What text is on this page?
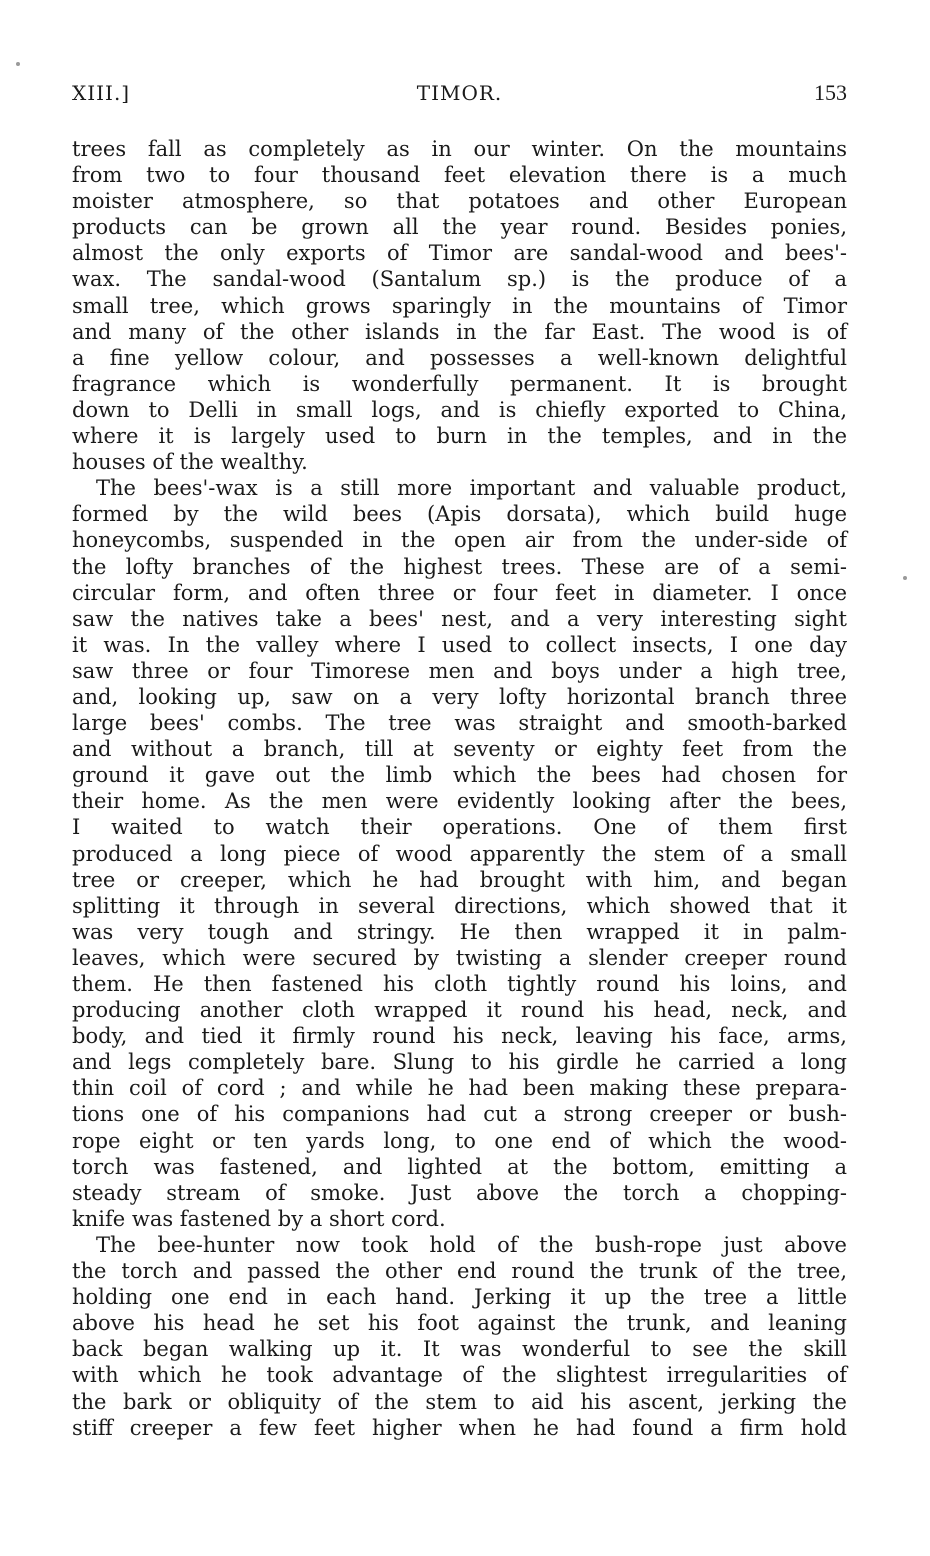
XIII.]	TIMOR.	153
trees fall as completely as in our winter. On the mountains
from two to four thousand feet elevation there is a much
moister atmosphere, so that potatoes and other European
products can be grown all the year round. Besides ponies,
almost the only exports of Timor are sandal-wood and bees'-
wax. The sandal-wood (Santalum sp.) is the produce of a
small tree, which grows sparingly in the mountains of Timor
and many of the other islands in the far East. The wood is of
a fine yellow colour, and possesses a well-known delightful
fragrance which is wonderfully permanent. It is brought
down to Delli in small logs, and is chiefly exported to China,
where it is largely used to burn in the temples, and in the
houses of the wealthy.
The bees'-wax is a still more important and valuable product,
formed by the wild bees (Apis dorsata), which build huge
honeycombs, suspended in the open air from the under-side of
the lofty branches of the highest trees. These are of a semi-
circular form, and often three or four feet in diameter. I once
saw the natives take a bees' nest, and a very interesting sight
it was. In the valley where I used to collect insects, I one day
saw three or four Timorese men and boys under a high tree,
and, looking up, saw on a very lofty horizontal branch three
large bees' combs. The tree was straight and smooth-barked
and without a branch, till at seventy or eighty feet from the
ground it gave out the limb which the bees had chosen for
their home. As the men were evidently looking after the bees,
I waited to watch their operations. One of them first
produced a long piece of wood apparently the stem of a small
tree or creeper, which he had brought with him, and began
splitting it through in several directions, which showed that it
was very tough and stringy. He then wrapped it in palm-
leaves, which were secured by twisting a slender creeper round
them. He then fastened his cloth tightly round his loins, and
producing another cloth wrapped it round his head, neck, and
body, and tied it firmly round his neck, leaving his face, arms,
and legs completely bare. Slung to his girdle he carried a long
thin coil of cord ; and while he had been making these prepara-
tions one of his companions had cut a strong creeper or bush-
rope eight or ten yards long, to one end of which the wood-
torch was fastened, and lighted at the bottom, emitting a
steady stream of smoke. Just above the torch a chopping-
knife was fastened by a short cord.
The bee-hunter now took hold of the bush-rope just above
the torch and passed the other end round the trunk of the tree,
holding one end in each hand. Jerking it up the tree a little
above his head he set his foot against the trunk, and leaning
back began walking up it. It was wonderful to see the skill
with which he took advantage of the slightest irregularities of
the bark or obliquity of the stem to aid his ascent, jerking the
stiff creeper a few feet higher when he had found a firm hold
